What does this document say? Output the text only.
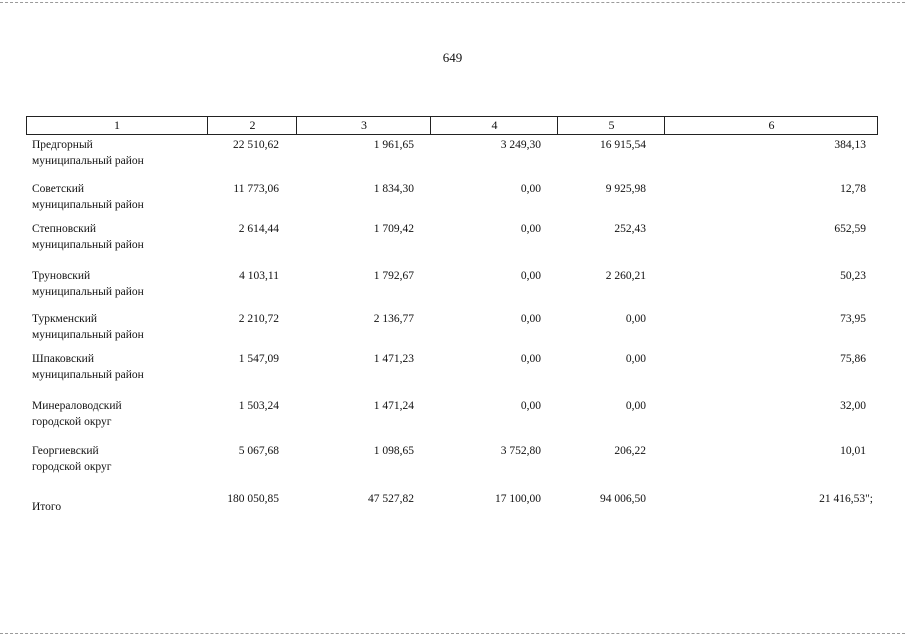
649
1	2	3	4	5	6
Предгорный
муниципальный район
22 510,62	1 961,65	3 249,30	16 915,54	384,13
Советский
муниципальный район
11 773,06	1 834,30	0,00	9 925,98	12,78
Степновский
муниципальный район
2 614,44	1 709,42	0,00	252,43	652,59
Труновский
муниципальный район
4 103,11	1 792,67	0,00	2 260,21	50,23
Туркменский
муниципальный район
2 210,72	2 136,77	0,00	0,00	73,95
Шпаковский
муниципальный район
1 547,09	1 471,23	0,00	0,00	75,86
Минераловодский
городской округ
1 503,24	1 471,24	0,00	0,00	32,00
Георгиевский
городской округ
5 067,68	1 098,65	3 752,80	206,22	10,01
Итого
180 050,85	47 527,82	17 100,00	94 006,50	21 416,53";
